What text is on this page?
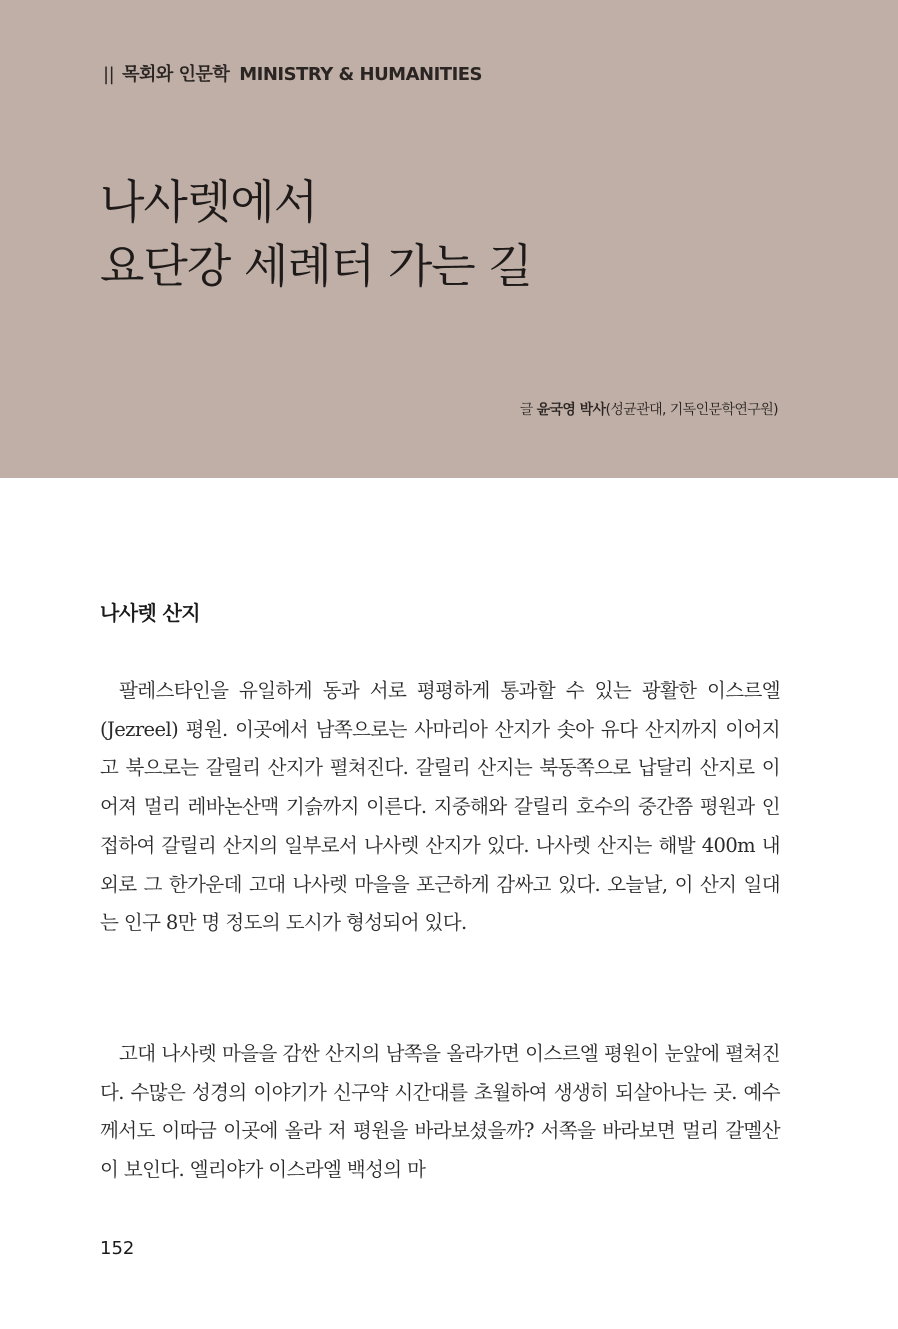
|| 목회와 인문학 MINISTRY & HUMANITIES
나사렛에서
요단강 세례터 가는 길
글 윤국영 박사(성균관대, 기독인문학연구원)
나사렛 산지

팔레스타인을 유일하게 동과 서로 평평하게 통과할 수 있는 광활한 이스르엘(Jezreel) 평원. 이곳에서 남쪽으로는 사마리아 산지가 솟아 유다 산지까지 이어지고 북으로는 갈릴리 산지가 펼쳐진다. 갈릴리 산지는 북동쪽으로 납달리 산지로 이어져 멀리 레바논산맥 기슭까지 이른다. 지중해와 갈릴리 호수의 중간쯤 평원과 인접하여 갈릴리 산지의 일부로서 나사렛 산지가 있다. 나사렛 산지는 해발 400m 내외로 그 한가운데 고대 나사렛 마을을 포근하게 감싸고 있다. 오늘날, 이 산지 일대는 인구 8만 명 정도의 도시가 형성되어 있다.

고대 나사렛 마을을 감싼 산지의 남쪽을 올라가면 이스르엘 평원이 눈앞에 펼쳐진다. 수많은 성경의 이야기가 신구약 시간대를 초월하여 생생히 되살아나는 곳. 예수께서도 이따금 이곳에 올라 저 평원을 바라보셨을까? 서쪽을 바라보면 멀리 갈멜산이 보인다. 엘리야가 이스라엘 백성의 마

152
